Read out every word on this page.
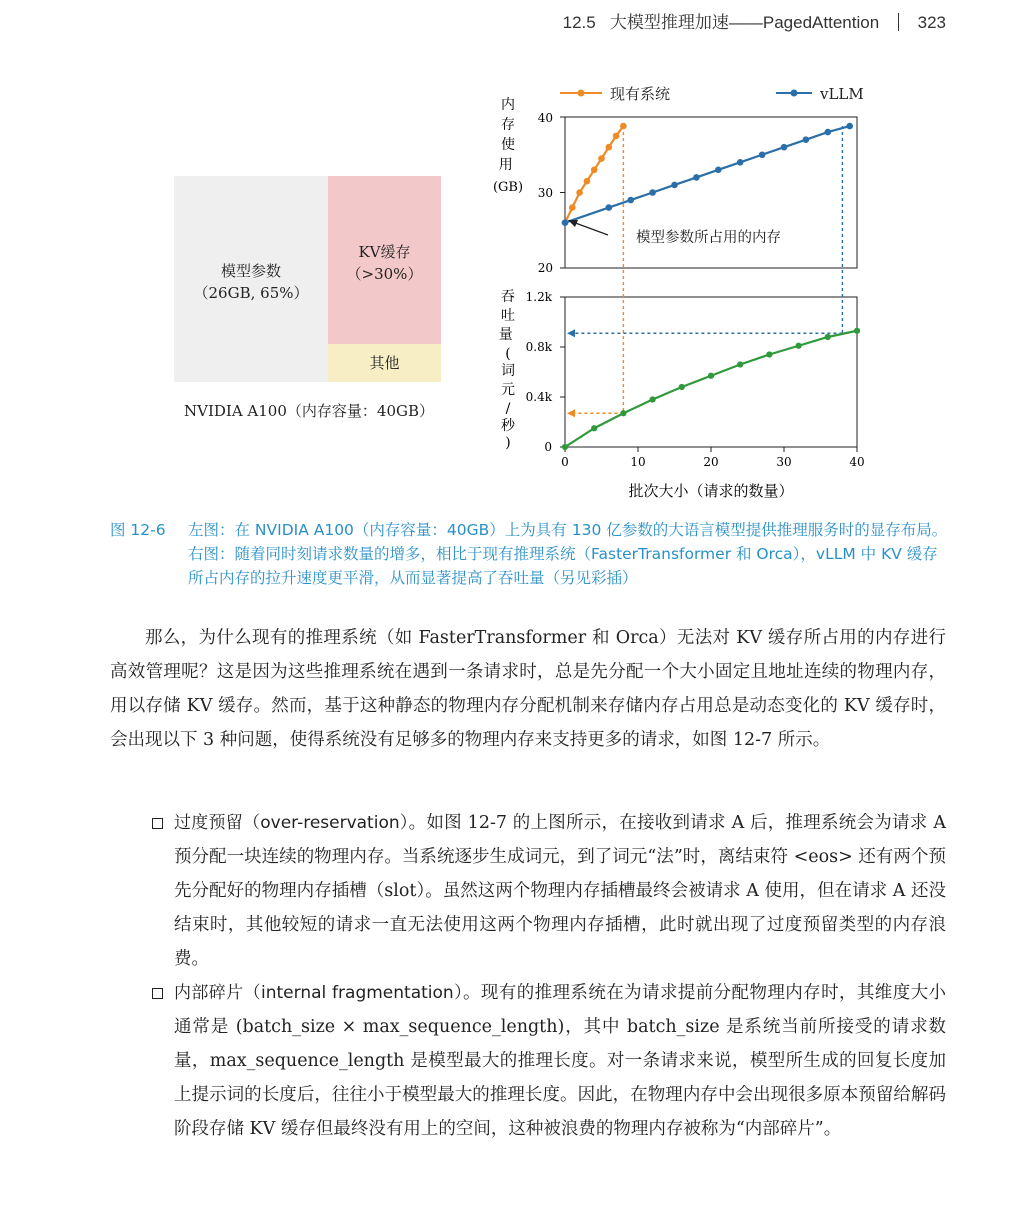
12.5 大模型推理加速——PagedAttention 323
模型参数
（26GB, 65%）
KV缓存
（>30%）
其他
NVIDIA A100（内存容量：40GB）
现有系统	vLLM
40
30
20
内存使用 (GB)
模型参数所占用的内存
1.2k
0.8k
0.4k
0
0	10	20	30	40
批次大小（请求的数量）
吞吐量 (词元/秒)
图 12-6	左图：在 NVIDIA A100（内存容量：40GB）上为具有 130 亿参数的大语言模型提供推理服务时的显存布局。右图：随着同时刻请求数量的增多，相比于现有推理系统（FasterTransformer 和 Orca），vLLM 中 KV 缓存所占内存的拉升速度更平滑，从而显著提高了吞吐量（另见彩插）
那么，为什么现有的推理系统（如 FasterTransformer 和 Orca）无法对 KV 缓存所占用的内存进行高效管理呢？这是因为这些推理系统在遇到一条请求时，总是先分配一个大小固定且地址连续的物理内存，用以存储 KV 缓存。然而，基于这种静态的物理内存分配机制来存储内存占用总是动态变化的 KV 缓存时，会出现以下 3 种问题，使得系统没有足够多的物理内存来支持更多的请求，如图 12-7 所示。
过度预留（over-reservation）。如图 12-7 的上图所示，在接收到请求 A 后，推理系统会为请求 A 预分配一块连续的物理内存。当系统逐步生成词元，到了词元“法”时，离结束符 <eos> 还有两个预先分配好的物理内存插槽（slot）。虽然这两个物理内存插槽最终会被请求 A 使用，但在请求 A 还没结束时，其他较短的请求一直无法使用这两个物理内存插槽，此时就出现了过度预留类型的内存浪费。
内部碎片（internal fragmentation）。现有的推理系统在为请求提前分配物理内存时，其维度大小通常是 (batch_size × max_sequence_length)，其中 batch_size 是系统当前所接受的请求数量，max_sequence_length 是模型最大的推理长度。对一条请求来说，模型所生成的回复长度加上提示词的长度后，往往小于模型最大的推理长度。因此，在物理内存中会出现很多原本预留给解码阶段存储 KV 缓存但最终没有用上的空间，这种被浪费的物理内存被称为“内部碎片”。
